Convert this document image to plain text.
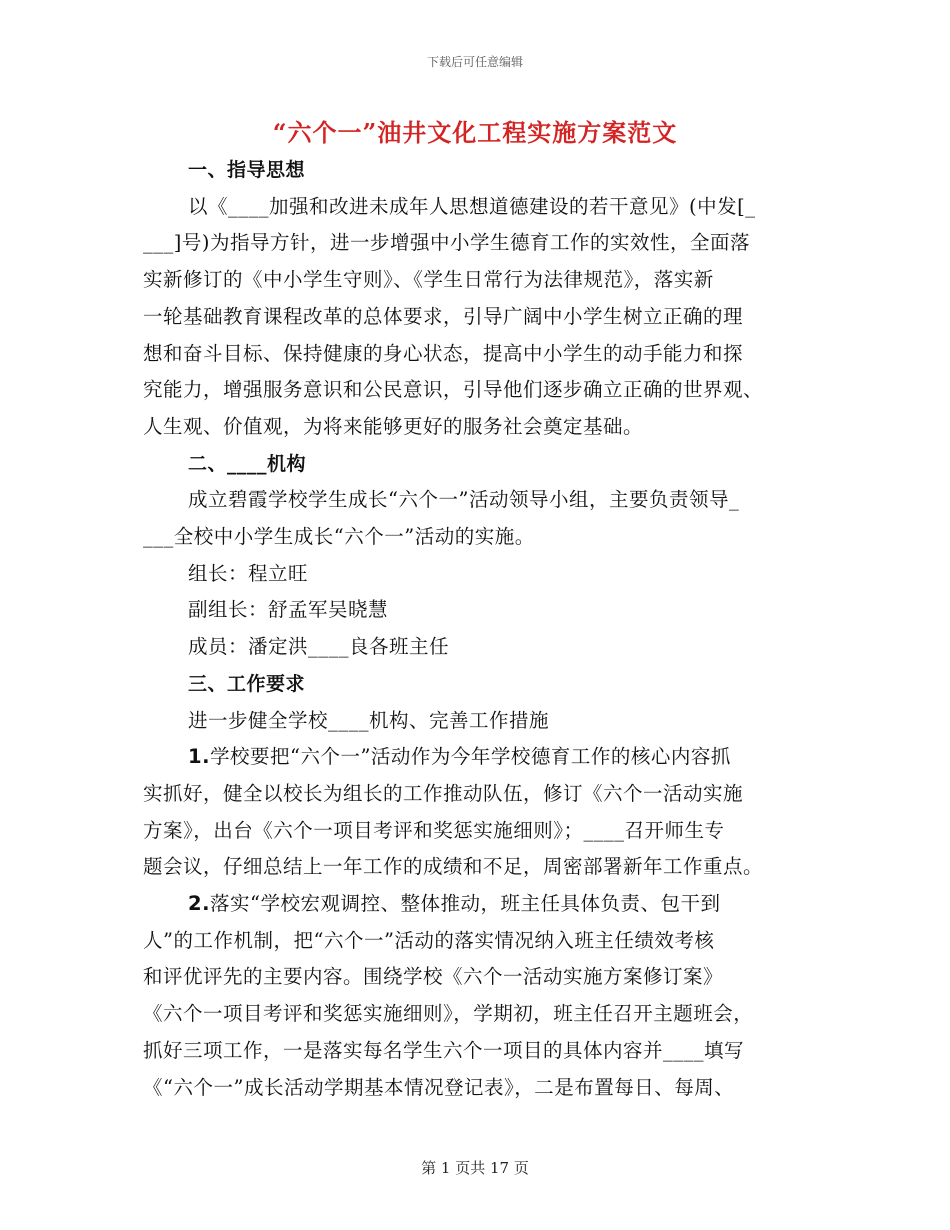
下载后可任意编辑
“六个一”油井文化工程实施方案范文
一、指导思想
以《____加强和改进未成年人思想道德建设的若干意见》(中发[_
___]号)为指导方针，进一步增强中小学生德育工作的实效性，全面落
实新修订的《中小学生守则》、《学生日常行为法律规范》，落实新
一轮基础教育课程改革的总体要求，引导广阔中小学生树立正确的理
想和奋斗目标、保持健康的身心状态，提高中小学生的动手能力和探
究能力，增强服务意识和公民意识，引导他们逐步确立正确的世界观、
人生观、价值观，为将来能够更好的服务社会奠定基础。
二、____机构
成立碧霞学校学生成长“六个一”活动领导小组，主要负责领导_
___全校中小学生成长“六个一”活动的实施。
组长：程立旺
副组长：舒孟军吴晓慧
成员：潘定洪____良各班主任
三、工作要求
进一步健全学校____机构、完善工作措施
1.学校要把“六个一”活动作为今年学校德育工作的核心内容抓
实抓好，健全以校长为组长的工作推动队伍，修订《六个一活动实施
方案》，出台《六个一项目考评和奖惩实施细则》；____召开师生专
题会议，仔细总结上一年工作的成绩和不足，周密部署新年工作重点。
2.落实“学校宏观调控、整体推动，班主任具体负责、包干到
人”的工作机制，把“六个一”活动的落实情况纳入班主任绩效考核
和评优评先的主要内容。围绕学校《六个一活动实施方案修订案》
《六个一项目考评和奖惩实施细则》，学期初，班主任召开主题班会，
抓好三项工作，一是落实每名学生六个一项目的具体内容并____填写
《“六个一”成长活动学期基本情况登记表》，二是布置每日、每周、
第 1 页共 17 页
